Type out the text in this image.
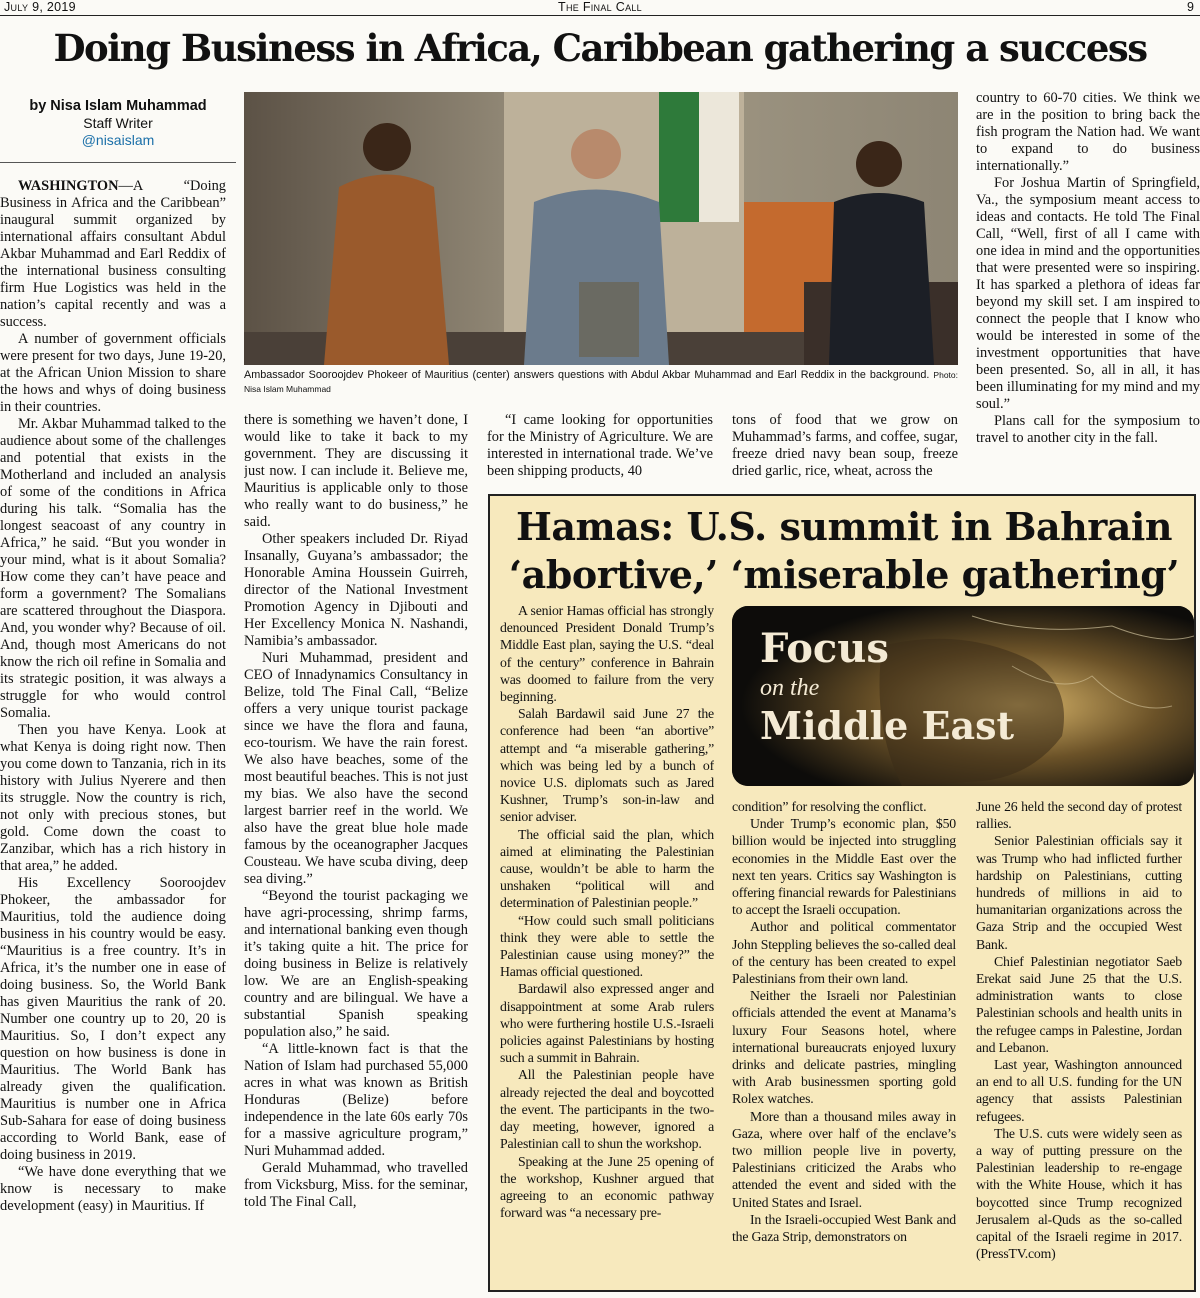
July 9, 2019	The Final Call	9
Doing Business in Africa, Caribbean gathering a success
by Nisa Islam Muhammad
Staff Writer
@nisaislam

WASHINGTON—A “Doing Business in Africa and the Caribbean” inaugural summit organized by international affairs consultant Abdul Akbar Muhammad and Earl Reddix of the international business consulting firm Hue Logistics was held in the nation’s capital recently and was a success.

A number of government officials were present for two days, June 19-20, at the African Union Mission to share the hows and whys of doing business in their countries.

Mr. Akbar Muhammad talked to the audience about some of the challenges and potential that exists in the Motherland and included an analysis of some of the conditions in Africa during his talk. “Somalia has the longest seacoast of any country in Africa,” he said. “But you wonder in your mind, what is it about Somalia? How come they can’t have peace and form a government? The Somalians are scattered throughout the Diaspora. And, you wonder why? Because of oil. And, though most Americans do not know the rich oil refine in Somalia and its strategic position, it was always a struggle for who would control Somalia.

Then you have Kenya. Look at what Kenya is doing right now. Then you come down to Tanzania, rich in its history with Julius Nyerere and then its struggle. Now the country is rich, not only with precious stones, but gold. Come down the coast to Zanzibar, which has a rich history in that area,” he added.

His Excellency Sooroojdev Phokeer, the ambassador for Mauritius, told the audience doing business in his country would be easy. “Mauritius is a free country. It’s in Africa, it’s the number one in ease of doing business. So, the World Bank has given Mauritius the rank of 20. Number one country up to 20, 20 is Mauritius. So, I don’t expect any question on how business is done in Mauritius. The World Bank has already given the qualification. Mauritius is number one in Africa Sub-Sahara for ease of doing business according to World Bank, ease of doing business in 2019.

“We have done everything that we know is necessary to make development (easy) in Mauritius. If

there is something we haven’t done, I would like to take it back to my government. They are discussing it just now. I can include it. Believe me, Mauritius is applicable only to those who really want to do business,” he said.

Other speakers included Dr. Riyad Insanally, Guyana’s ambassador; the Honorable Amina Houssein Guirreh, director of the National Investment Promotion Agency in Djibouti and Her Excellency Monica N. Nashandi, Namibia’s ambassador.

Nuri Muhammad, president and CEO of Innadynamics Consultancy in Belize, told The Final Call, “Belize offers a very unique tourist package since we have the flora and fauna, eco-tourism. We have the rain forest. We also have beaches, some of the most beautiful beaches. This is not just my bias. We also have the second largest barrier reef in the world. We also have the great blue hole made famous by the oceanographer Jacques Cousteau. We have scuba diving, deep sea diving.”

“Beyond the tourist packaging we have agri-processing, shrimp farms, and international banking even though it’s taking quite a hit. The price for doing business in Belize is relatively low. We are an English-speaking country and are bilingual. We have a substantial Spanish speaking population also,” he said.

“A little-known fact is that the Nation of Islam had purchased 55,000 acres in what was known as British Honduras (Belize) before independence in the late 60s early 70s for a massive agriculture program,” Nuri Muhammad added.

Gerald Muhammad, who travelled from Vicksburg, Miss. for the seminar, told The Final Call,

“I came looking for opportunities for the Ministry of Agriculture. We are interested in international trade. We’ve been shipping products, 40

tons of food that we grow on Muhammad’s farms, and coffee, sugar, freeze dried navy bean soup, freeze dried garlic, rice, wheat, across the

country to 60-70 cities. We think we are in the position to bring back the fish program the Nation had. We want to expand to do business internationally.”

For Joshua Martin of Springfield, Va., the symposium meant access to ideas and contacts. He told The Final Call, “Well, first of all I came with one idea in mind and the opportunities that were presented were so inspiring. It has sparked a plethora of ideas far beyond my skill set. I am inspired to connect the people that I know who would be interested in some of the investment opportunities that have been presented. So, all in all, it has been illuminating for my mind and my soul.”

Plans call for the symposium to travel to another city in the fall.

Ambassador Sooroojdev Phokeer of Mauritius (center) answers questions with Abdul Akbar Muhammad and Earl Reddix in the background. Photo: Nisa Islam Muhammad
Hamas: U.S. summit in Bahrain
‘abortive,’ ‘miserable gathering’
Focus
on the
Middle East

A senior Hamas official has strongly denounced President Donald Trump’s Middle East plan, saying the U.S. “deal of the century” conference in Bahrain was doomed to failure from the very beginning.

Salah Bardawil said June 27 the conference had been “an abortive” attempt and “a miserable gathering,” which was being led by a bunch of novice U.S. diplomats such as Jared Kushner, Trump’s son-in-law and senior adviser.

The official said the plan, which aimed at eliminating the Palestinian cause, wouldn’t be able to harm the unshaken “political will and determination of Palestinian people.”

“How could such small politicians think they were able to settle the Palestinian cause using money?” the Hamas official questioned.

Bardawil also expressed anger and disappointment at some Arab rulers who were furthering hostile U.S.-Israeli policies against Palestinians by hosting such a summit in Bahrain.

All the Palestinian people have already rejected the deal and boycotted the event. The participants in the two-day meeting, however, ignored a Palestinian call to shun the workshop.

Speaking at the June 25 opening of the workshop, Kushner argued that agreeing to an economic pathway forward was “a necessary pre-

condition” for resolving the conflict.

Under Trump’s economic plan, $50 billion would be injected into struggling economies in the Middle East over the next ten years. Critics say Washington is offering financial rewards for Palestinians to accept the Israeli occupation.

Author and political commentator John Steppling believes the so-called deal of the century has been created to expel Palestinians from their own land.

Neither the Israeli nor Palestinian officials attended the event at Manama’s luxury Four Seasons hotel, where international bureaucrats enjoyed luxury drinks and delicate pastries, mingling with Arab businessmen sporting gold Rolex watches.

More than a thousand miles away in Gaza, where over half of the enclave’s two million people live in poverty, Palestinians criticized the Arabs who attended the event and sided with the United States and Israel.

In the Israeli-occupied West Bank and the Gaza Strip, demonstrators on

June 26 held the second day of protest rallies.

Senior Palestinian officials say it was Trump who had inflicted further hardship on Palestinians, cutting hundreds of millions in aid to humanitarian organizations across the Gaza Strip and the occupied West Bank.

Chief Palestinian negotiator Saeb Erekat said June 25 that the U.S. administration wants to close Palestinian schools and health units in the refugee camps in Palestine, Jordan and Lebanon.

Last year, Washington announced an end to all U.S. funding for the UN agency that assists Palestinian refugees.

The U.S. cuts were widely seen as a way of putting pressure on the Palestinian leadership to re-engage with the White House, which it has boycotted since Trump recognized Jerusalem al-Quds as the so-called capital of the Israeli regime in 2017. (PressTV.com)
